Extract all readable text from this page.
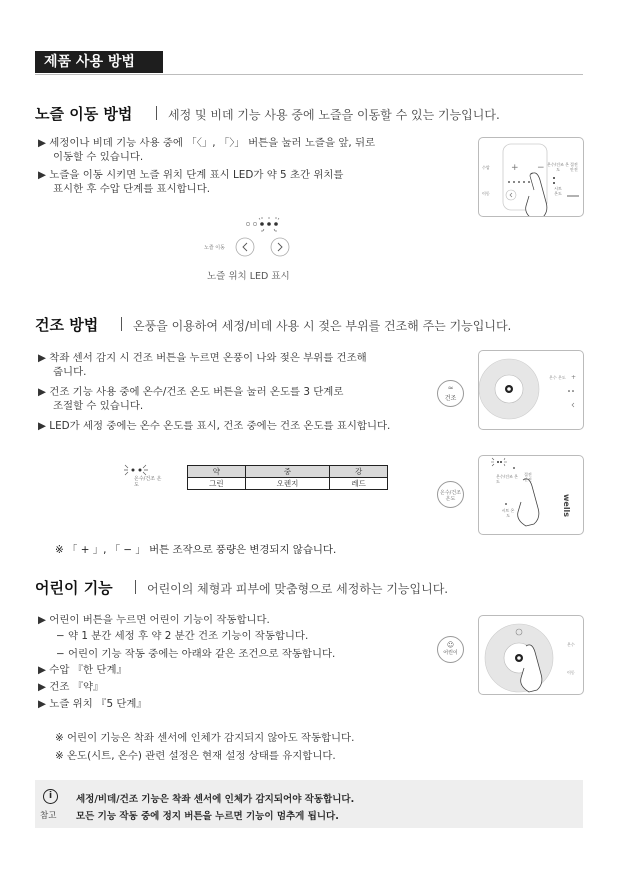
제품 사용 방법
노즐 이동 방법	세정 및 비데 기능 사용 중에 노즐을 이동할 수 있는 기능입니다.
▶ 세정이나 비데 기능 사용 중에 「〈」, 「〉」 버튼을 눌러 노즐을 앞, 뒤로
이동할 수 있습니다.
▶ 노즐을 이동 시키면 노즐 위치 단계 표시 LED가 약 5 초간 위치를
표시한 후 수압 단계를 표시합니다.
노즐 이동
노즐 위치 LED 표시
+ −
수압
이동
온수/건조 온도
절전 안전
시트 온도
건조 방법	온풍을 이용하여 세정/비데 사용 시 젖은 부위를 건조해 주는 기능입니다.
▶ 착좌 센서 감지 시 건조 버튼을 누르면 온풍이 나와 젖은 부위를 건조해
줍니다.
▶ 건조 기능 사용 중에 온수/건조 온도 버튼을 눌러 온도를 3 단계로
조절할 수 있습니다.
▶ LED가 세정 중에는 온수 온도를 표시, 건조 중에는 건조 온도를 표시합니다.
≈
건조
온수 온도 +
온수/건조 온도
약	중	강
그린	오렌지	레드
온수/건조 온도
온수/건조 온도
절전
안전
시트 온도	wells
※ 「 + 」, 「 − 」 버튼 조작으로 풍량은 변경되지 않습니다.
어린이 기능	어린이의 체형과 피부에 맞춤형으로 세정하는 기능입니다.
▶ 어린이 버튼을 누르면 어린이 기능이 작동합니다.
− 약 1 분간 세정 후 약 2 분간 건조 기능이 작동합니다.
− 어린이 기능 작동 중에는 아래와 같은 조건으로 작동합니다.
▶ 수압 『한 단계』
▶ 건조 『약』
▶ 노즐 위치 『5 단계』
※ 어린이 기능은 착좌 센서에 인체가 감지되지 않아도 작동합니다.
※ 온도(시트, 온수) 관련 설정은 현재 설정 상태를 유지합니다.
☺
어린이
온수
이동
i
참고
세정/비데/건조 기능은 착좌 센서에 인체가 감지되어야 작동합니다.
모든 기능 작동 중에 정지 버튼을 누르면 기능이 멈추게 됩니다.
